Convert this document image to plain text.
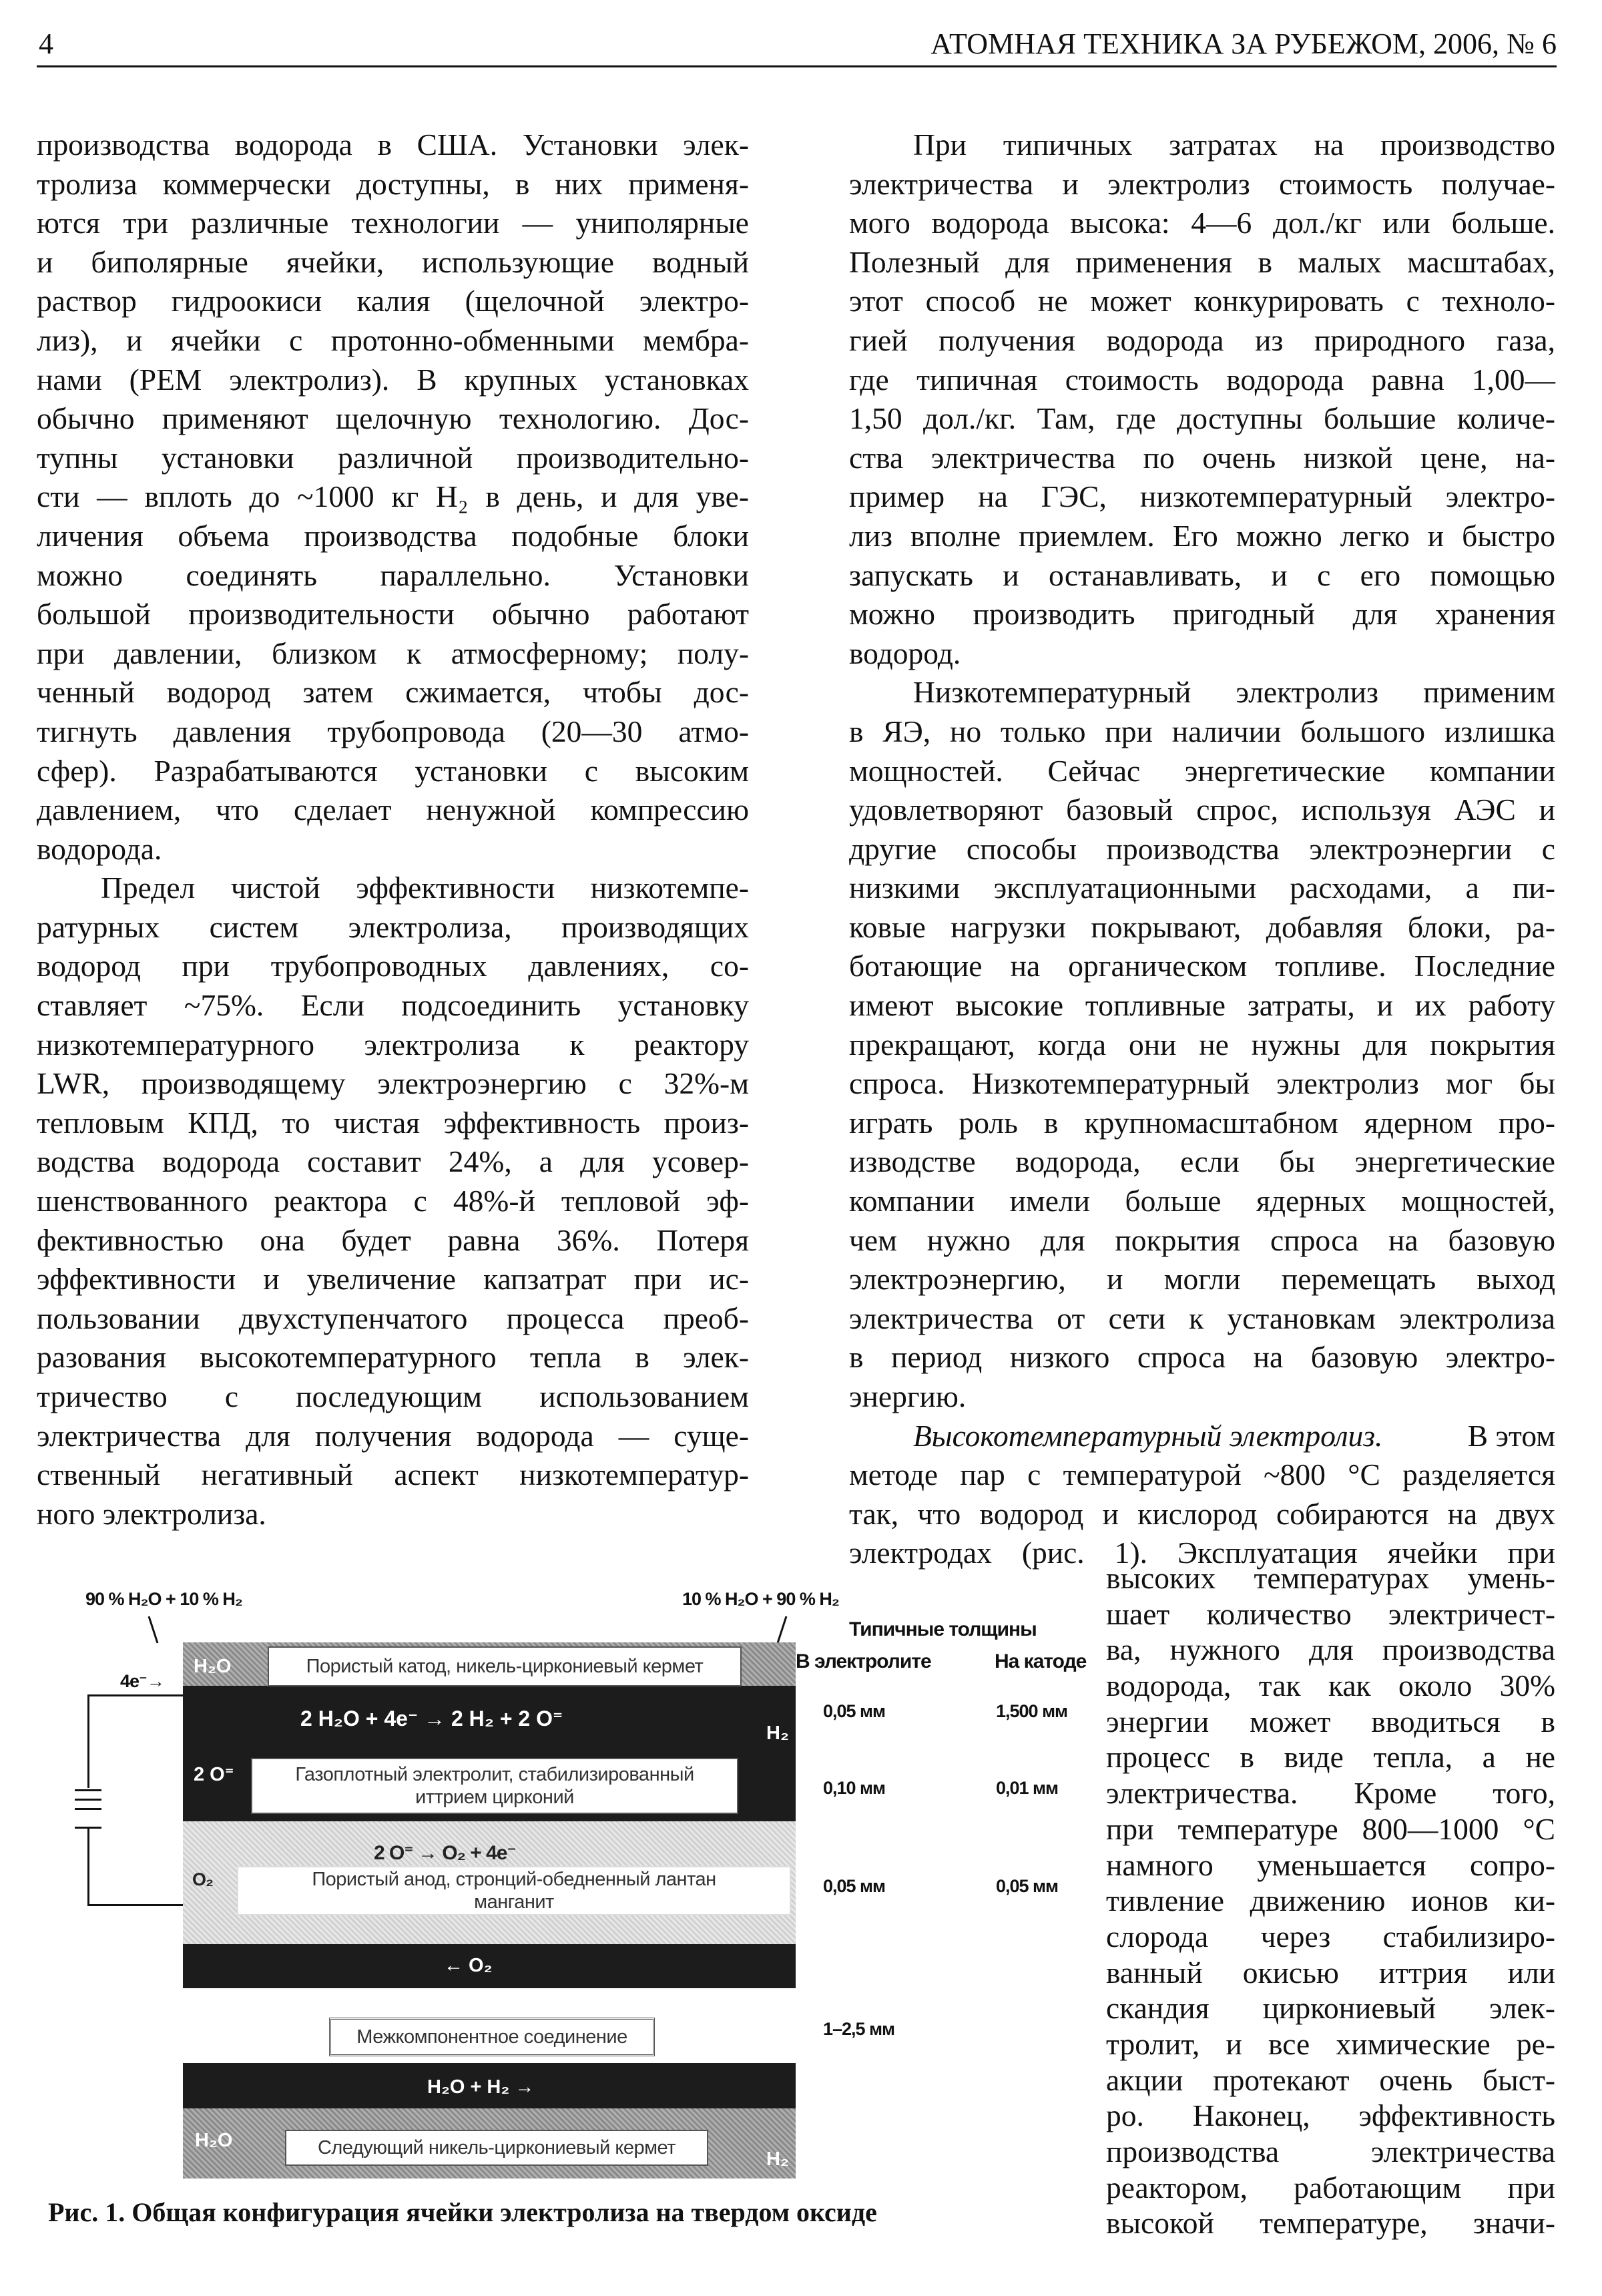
4	АТОМНАЯ ТЕХНИКА ЗА РУБЕЖОМ, 2006, № 6
производства водорода в США. Установки элек-
тролиза коммерчески доступны, в них применя-
ются три различные технологии — униполярные
и биполярные ячейки, использующие водный
раствор гидроокиси калия (щелочной электро-
лиз), и ячейки с протонно-обменными мембра-
нами (РЕМ электролиз). В крупных установках
обычно применяют щелочную технологию. Дос-
тупны установки различной производительно-
сти — вплоть до ~1000 кг H₂ в день, и для уве-
личения объема производства подобные блоки
можно соединять параллельно. Установки
большой производительности обычно работают
при давлении, близком к атмосферному; полу-
ченный водород затем сжимается, чтобы дос-
тигнуть давления трубопровода (20—30 атмо-
сфер). Разрабатываются установки с высоким
давлением, что сделает ненужной компрессию
водорода.
Предел чистой эффективности низкотемпе-
ратурных систем электролиза, производящих
водород при трубопроводных давлениях, со-
ставляет ~75%. Если подсоединить установку
низкотемпературного электролиза к реактору
LWR, производящему электроэнергию с 32%-м
тепловым КПД, то чистая эффективность произ-
водства водорода составит 24%, а для усовер-
шенствованного реактора с 48%-й тепловой эф-
фективностью она будет равна 36%. Потеря
эффективности и увеличение капзатрат при ис-
пользовании двухступенчатого процесса преоб-
разования высокотемпературного тепла в элек-
тричество с последующим использованием
электричества для получения водорода — суще-
ственный негативный аспект низкотемператур-
ного электролиза.
При типичных затратах на производство
электричества и электролиз стоимость получае-
мого водорода высока: 4—6 дол./кг или больше.
Полезный для применения в малых масштабах,
этот способ не может конкурировать с техноло-
гией получения водорода из природного газа,
где типичная стоимость водорода равна 1,00—
1,50 дол./кг. Там, где доступны большие количе-
ства электричества по очень низкой цене, на-
пример на ГЭС, низкотемпературный электро-
лиз вполне приемлем. Его можно легко и быстро
запускать и останавливать, и с его помощью
можно производить пригодный для хранения
водород.
Низкотемпературный электролиз применим
в ЯЭ, но только при наличии большого излишка
мощностей. Сейчас энергетические компании
удовлетворяют базовый спрос, используя АЭС и
другие способы производства электроэнергии с
низкими эксплуатационными расходами, а пи-
ковые нагрузки покрывают, добавляя блоки, ра-
ботающие на органическом топливе. Последние
имеют высокие топливные затраты, и их работу
прекращают, когда они не нужны для покрытия
спроса. Низкотемпературный электролиз мог бы
играть роль в крупномасштабном ядерном про-
изводстве водорода, если бы энергетические
компании имели больше ядерных мощностей,
чем нужно для покрытия спроса на базовую
электроэнергию, и могли перемещать выход
электричества от сети к установкам электролиза
в период низкого спроса на базовую электро-
энергию.
Высокотемпературный электролиз.	В этом
методе пар с температурой ~800 °C разделяется
так, что водород и кислород собираются на двух
электродах (рис. 1). Эксплуатация ячейки при
высоких температурах умень-
шает количество электричест-
ва, нужного для производства
водорода, так как около 30%
энергии может вводиться в
процесс в виде тепла, а не
электричества. Кроме того,
при температуре 800—1000 °C
намного уменьшается сопро-
тивление движению ионов ки-
слорода через стабилизиро-
ванный окисью иттрия или
скандия циркониевый элек-
тролит, и все химические ре-
акции протекают очень быст-
ро. Наконец, эффективность
производства электричества
реактором, работающим при
высокой температуре, значи-
90 % H₂O + 10 % H₂	10 % H₂O + 90 % H₂
Типичные толщины
В электролите	На катоде
Пористый катод, никель-циркониевый кермет
2 H₂O + 4e⁻ → 2 H₂ + 2 O⁼
Газоплотный электролит, стабилизированный
иттрием цирконий
H₂O
H₂
2 O⁼
2 O⁼ → O₂ + 4e⁻
Пористый анод, стронций-обедненный лантан
манганит
O₂
← O₂
Межкомпонентное соединение
H₂O + H₂ →
Следующий никель-циркониевый кермет
H₂O
H₂
0,05 мм	1,500 мм
0,10 мм	0,01 мм
0,05 мм	0,05 мм
1–2,5 мм
4e⁻→
Рис. 1. Общая конфигурация ячейки электролиза на твердом оксиде
